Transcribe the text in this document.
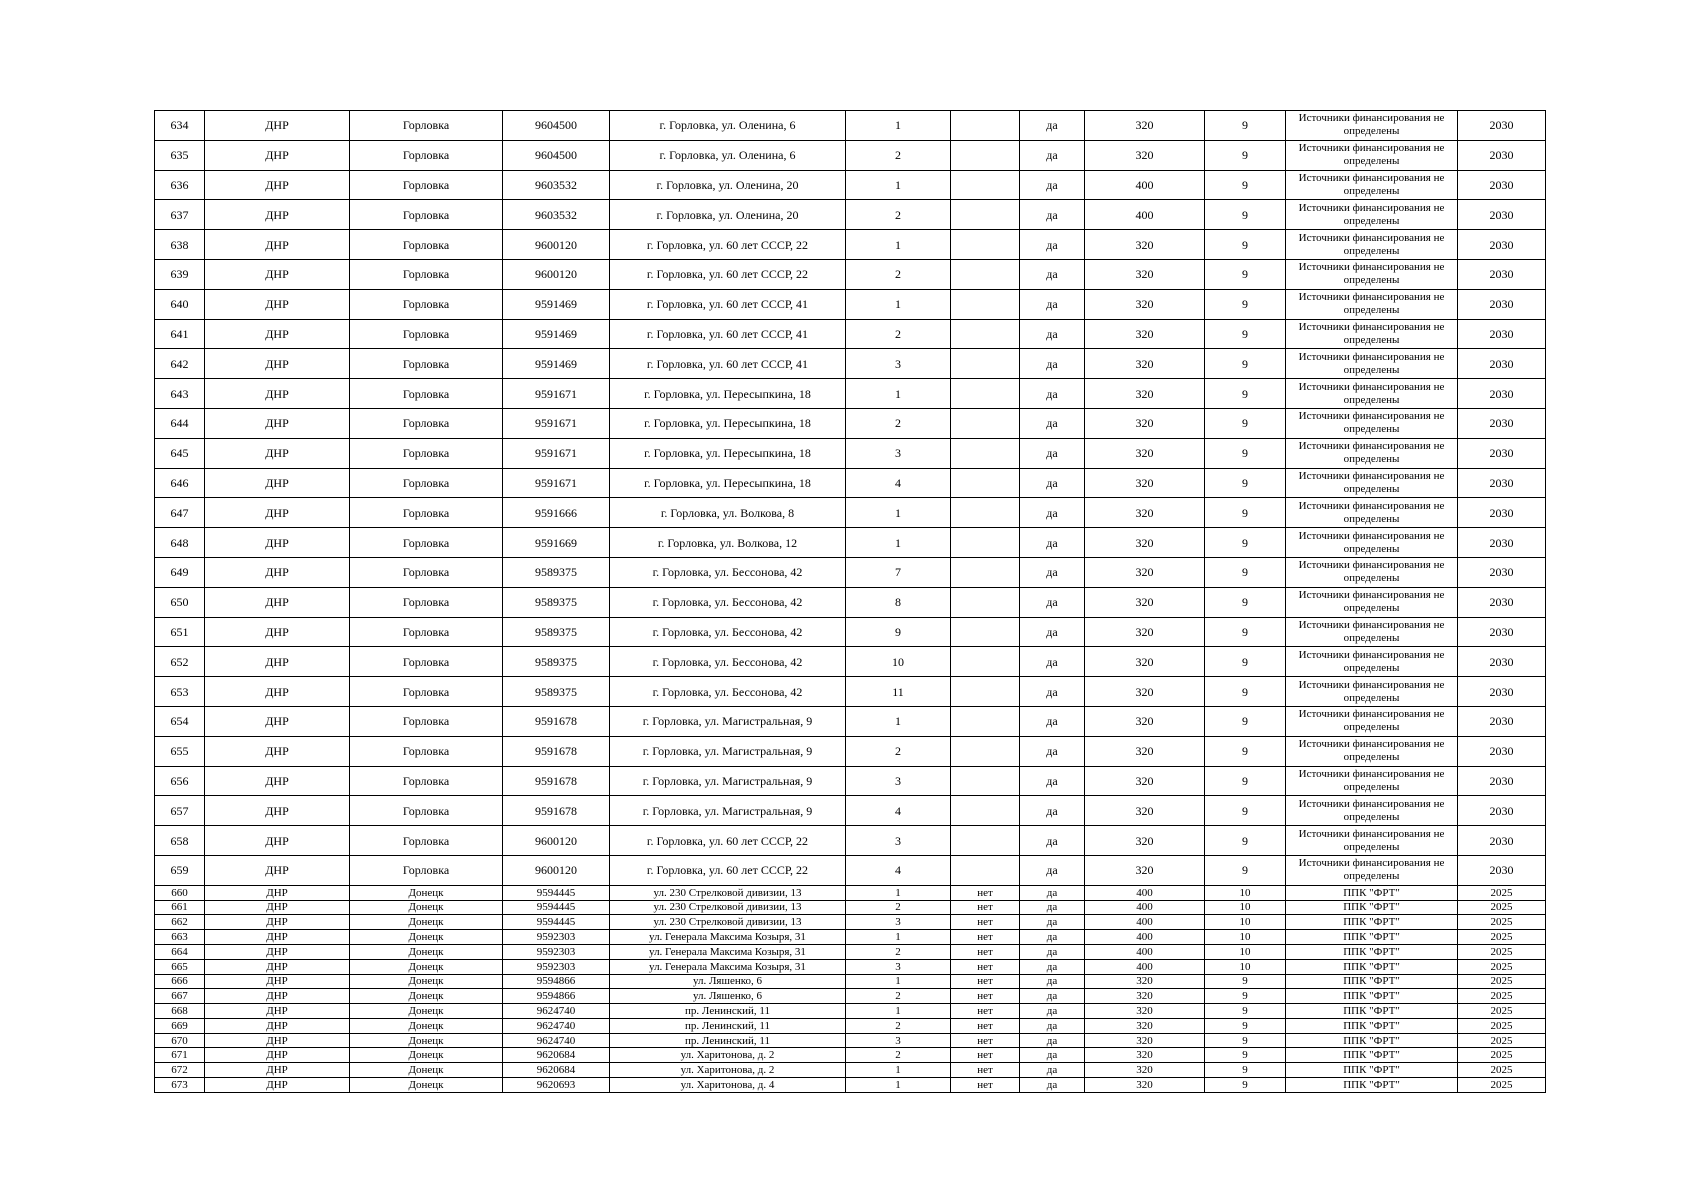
634	ДНР	Горловка	9604500	г. Горловка, ул. Оленина, 6	1		да	320	9	Источники финансирования не определены	2030
635	ДНР	Горловка	9604500	г. Горловка, ул. Оленина, 6	2		да	320	9	Источники финансирования не определены	2030
636	ДНР	Горловка	9603532	г. Горловка, ул. Оленина, 20	1		да	400	9	Источники финансирования не определены	2030
637	ДНР	Горловка	9603532	г. Горловка, ул. Оленина, 20	2		да	400	9	Источники финансирования не определены	2030
638	ДНР	Горловка	9600120	г. Горловка, ул. 60 лет СССР, 22	1		да	320	9	Источники финансирования не определены	2030
639	ДНР	Горловка	9600120	г. Горловка, ул. 60 лет СССР, 22	2		да	320	9	Источники финансирования не определены	2030
640	ДНР	Горловка	9591469	г. Горловка, ул. 60 лет СССР, 41	1		да	320	9	Источники финансирования не определены	2030
641	ДНР	Горловка	9591469	г. Горловка, ул. 60 лет СССР, 41	2		да	320	9	Источники финансирования не определены	2030
642	ДНР	Горловка	9591469	г. Горловка, ул. 60 лет СССР, 41	3		да	320	9	Источники финансирования не определены	2030
643	ДНР	Горловка	9591671	г. Горловка, ул. Пересыпкина, 18	1		да	320	9	Источники финансирования не определены	2030
644	ДНР	Горловка	9591671	г. Горловка, ул. Пересыпкина, 18	2		да	320	9	Источники финансирования не определены	2030
645	ДНР	Горловка	9591671	г. Горловка, ул. Пересыпкина, 18	3		да	320	9	Источники финансирования не определены	2030
646	ДНР	Горловка	9591671	г. Горловка, ул. Пересыпкина, 18	4		да	320	9	Источники финансирования не определены	2030
647	ДНР	Горловка	9591666	г. Горловка, ул. Волкова, 8	1		да	320	9	Источники финансирования не определены	2030
648	ДНР	Горловка	9591669	г. Горловка, ул. Волкова, 12	1		да	320	9	Источники финансирования не определены	2030
649	ДНР	Горловка	9589375	г. Горловка, ул. Бессонова, 42	7		да	320	9	Источники финансирования не определены	2030
650	ДНР	Горловка	9589375	г. Горловка, ул. Бессонова, 42	8		да	320	9	Источники финансирования не определены	2030
651	ДНР	Горловка	9589375	г. Горловка, ул. Бессонова, 42	9		да	320	9	Источники финансирования не определены	2030
652	ДНР	Горловка	9589375	г. Горловка, ул. Бессонова, 42	10		да	320	9	Источники финансирования не определены	2030
653	ДНР	Горловка	9589375	г. Горловка, ул. Бессонова, 42	11		да	320	9	Источники финансирования не определены	2030
654	ДНР	Горловка	9591678	г. Горловка, ул. Магистральная, 9	1		да	320	9	Источники финансирования не определены	2030
655	ДНР	Горловка	9591678	г. Горловка, ул. Магистральная, 9	2		да	320	9	Источники финансирования не определены	2030
656	ДНР	Горловка	9591678	г. Горловка, ул. Магистральная, 9	3		да	320	9	Источники финансирования не определены	2030
657	ДНР	Горловка	9591678	г. Горловка, ул. Магистральная, 9	4		да	320	9	Источники финансирования не определены	2030
658	ДНР	Горловка	9600120	г. Горловка, ул. 60 лет СССР, 22	3		да	320	9	Источники финансирования не определены	2030
659	ДНР	Горловка	9600120	г. Горловка, ул. 60 лет СССР, 22	4		да	320	9	Источники финансирования не определены	2030
660	ДНР	Донецк	9594445	ул. 230 Стрелковой дивизии, 13	1	нет	да	400	10	ППК "ФРТ"	2025
661	ДНР	Донецк	9594445	ул. 230 Стрелковой дивизии, 13	2	нет	да	400	10	ППК "ФРТ"	2025
662	ДНР	Донецк	9594445	ул. 230 Стрелковой дивизии, 13	3	нет	да	400	10	ППК "ФРТ"	2025
663	ДНР	Донецк	9592303	ул. Генерала Максима Козыря, 31	1	нет	да	400	10	ППК "ФРТ"	2025
664	ДНР	Донецк	9592303	ул. Генерала Максима Козыря, 31	2	нет	да	400	10	ППК "ФРТ"	2025
665	ДНР	Донецк	9592303	ул. Генерала Максима Козыря, 31	3	нет	да	400	10	ППК "ФРТ"	2025
666	ДНР	Донецк	9594866	ул. Ляшенко, 6	1	нет	да	320	9	ППК "ФРТ"	2025
667	ДНР	Донецк	9594866	ул. Ляшенко, 6	2	нет	да	320	9	ППК "ФРТ"	2025
668	ДНР	Донецк	9624740	пр. Ленинский, 11	1	нет	да	320	9	ППК "ФРТ"	2025
669	ДНР	Донецк	9624740	пр. Ленинский, 11	2	нет	да	320	9	ППК "ФРТ"	2025
670	ДНР	Донецк	9624740	пр. Ленинский, 11	3	нет	да	320	9	ППК "ФРТ"	2025
671	ДНР	Донецк	9620684	ул. Харитонова, д. 2	2	нет	да	320	9	ППК "ФРТ"	2025
672	ДНР	Донецк	9620684	ул. Харитонова, д. 2	1	нет	да	320	9	ППК "ФРТ"	2025
673	ДНР	Донецк	9620693	ул. Харитонова, д. 4	1	нет	да	320	9	ППК "ФРТ"	2025
